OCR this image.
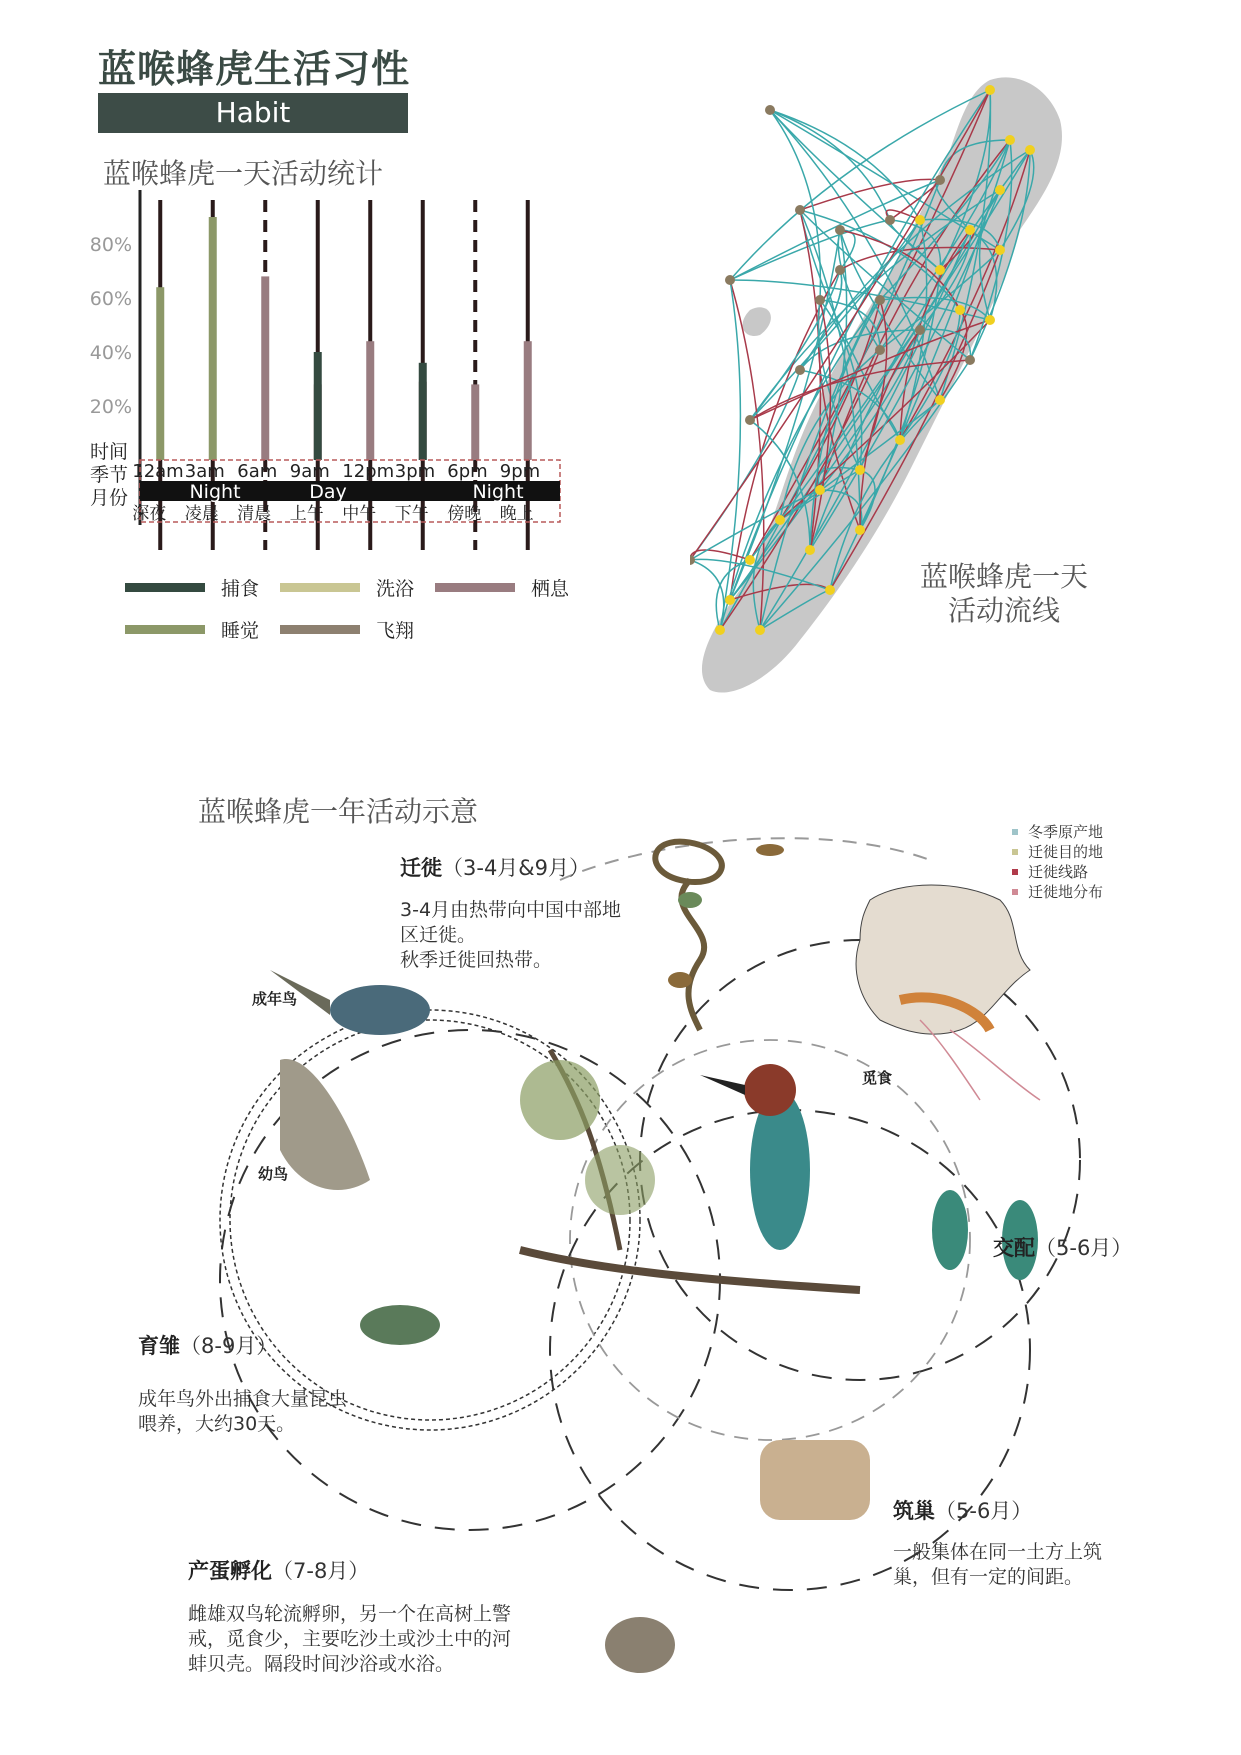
蓝喉蜂虎生活习性
Habit
蓝喉蜂虎一天活动统计
80%
60%
40%
20%
12am 3am 6am 9am 12pm 3pm 6pm 9pm
Night	Day	Night
深夜 凌晨 清晨 上午 中午 下午 傍晚 晚上
时间
季节
月份
捕食	洗浴	栖息
睡觉	飞翔
蓝喉蜂虎一天
活动流线
蓝喉蜂虎一年活动示意
迁徙（3-4月&9月）
3-4月由热带向中国中部地
区迁徙。
秋季迁徙回热带。
交配（5-6月）
筑巢（5-6月）
一般集体在同一土方上筑
巢，但有一定的间距。
产蛋孵化（7-8月）
雌雄双鸟轮流孵卵，另一个在高树上警
戒，觅食少，主要吃沙土或沙土中的河
蚌贝壳。隔段时间沙浴或水浴。
育雏（8-9月）
成年鸟外出捕食大量昆虫
喂养，大约30天。
成年鸟
幼鸟
觅食
冬季原产地
迁徙目的地
迁徙线路
迁徙地分布
